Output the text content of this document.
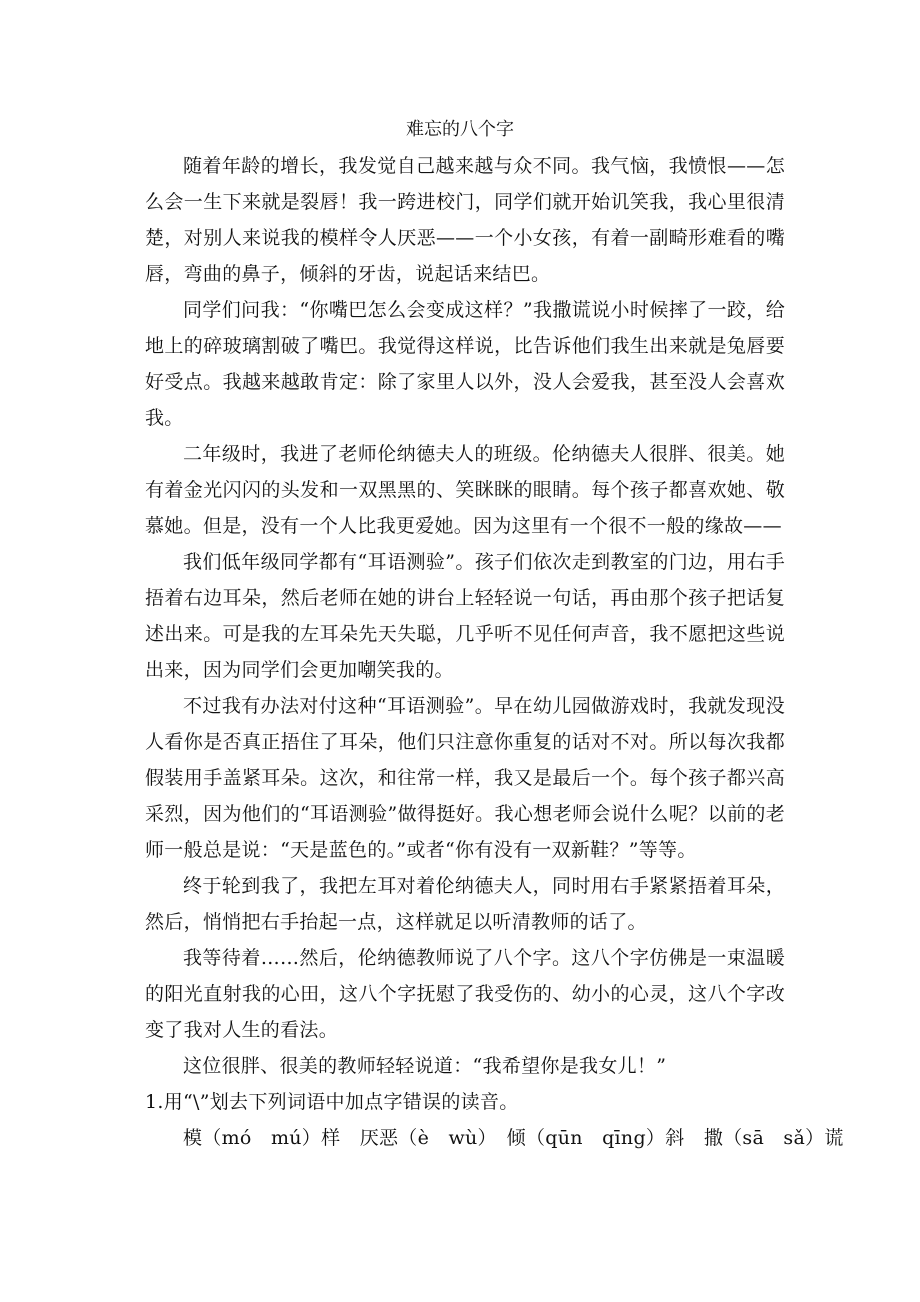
难忘的八个字

随着年龄的增长，我发觉自己越来越与众不同。我气恼，我愤恨——怎么会一生下来就是裂唇！我一跨进校门，同学们就开始讥笑我，我心里很清楚，对别人来说我的模样令人厌恶——一个小女孩，有着一副畸形难看的嘴唇，弯曲的鼻子，倾斜的牙齿，说起话来结巴。

同学们问我：“你嘴巴怎么会变成这样？”我撒谎说小时候摔了一跤，给地上的碎玻璃割破了嘴巴。我觉得这样说，比告诉他们我生出来就是兔唇要好受点。我越来越敢肯定：除了家里人以外，没人会爱我，甚至没人会喜欢我。

二年级时，我进了老师伦纳德夫人的班级。伦纳德夫人很胖、很美。她有着金光闪闪的头发和一双黑黑的、笑眯眯的眼睛。每个孩子都喜欢她、敬慕她。但是，没有一个人比我更爱她。因为这里有一个很不一般的缘故——

我们低年级同学都有“耳语测验”。孩子们依次走到教室的门边，用右手捂着右边耳朵，然后老师在她的讲台上轻轻说一句话，再由那个孩子把话复述出来。可是我的左耳朵先天失聪，几乎听不见任何声音，我不愿把这些说出来，因为同学们会更加嘲笑我的。

不过我有办法对付这种“耳语测验”。早在幼儿园做游戏时，我就发现没人看你是否真正捂住了耳朵，他们只注意你重复的话对不对。所以每次我都假装用手盖紧耳朵。这次，和往常一样，我又是最后一个。每个孩子都兴高采烈，因为他们的“耳语测验”做得挺好。我心想老师会说什么呢？以前的老师一般总是说：“天是蓝色的。”或者“你有没有一双新鞋？”等等。

终于轮到我了，我把左耳对着伦纳德夫人，同时用右手紧紧捂着耳朵，然后，悄悄把右手抬起一点，这样就足以听清教师的话了。

我等待着……然后，伦纳德教师说了八个字。这八个字仿佛是一束温暖的阳光直射我的心田，这八个字抚慰了我受伤的、幼小的心灵，这八个字改变了我对人生的看法。

这位很胖、很美的教师轻轻说道：“我希望你是我女儿！”

1.用“\”划去下列词语中加点字错误的读音。

模（mó　mú）样　厌恶（è　wù）　倾（qūn　qīng）斜　撒（sā　sǎ）谎
